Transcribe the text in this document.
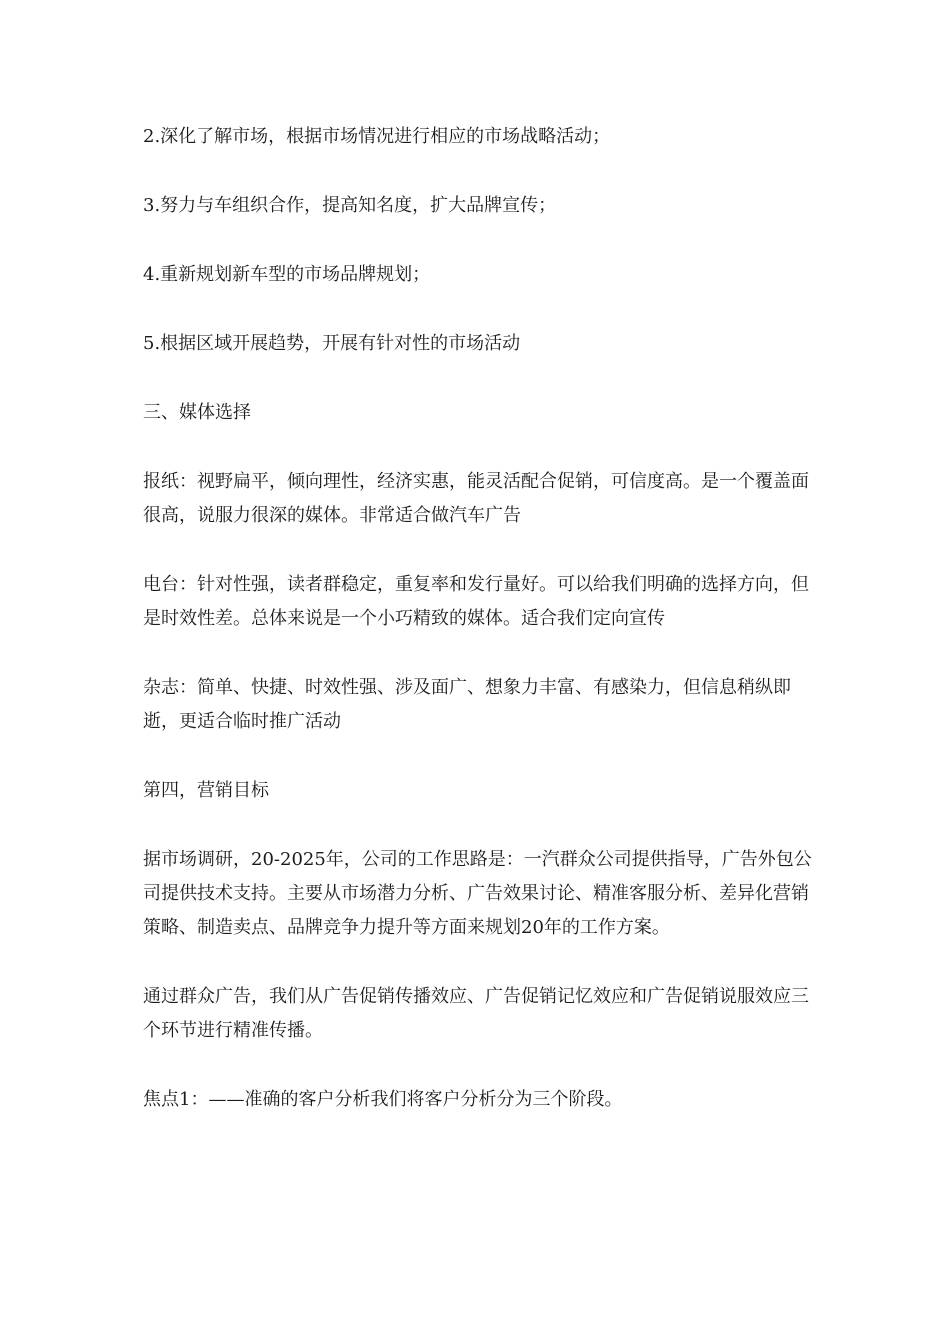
2.深化了解市场，根据市场情况进行相应的市场战略活动；

3.努力与车组织合作，提高知名度，扩大品牌宣传；

4.重新规划新车型的市场品牌规划；

5.根据区域开展趋势，开展有针对性的市场活动

三、媒体选择

报纸：视野扁平，倾向理性，经济实惠，能灵活配合促销，可信度高。是一个覆盖面很高，说服力很深的媒体。非常适合做汽车广告

电台：针对性强，读者群稳定，重复率和发行量好。可以给我们明确的选择方向，但是时效性差。总体来说是一个小巧精致的媒体。适合我们定向宣传

杂志：简单、快捷、时效性强、涉及面广、想象力丰富、有感染力，但信息稍纵即逝，更适合临时推广活动

第四，营销目标

据市场调研，20-2025年，公司的工作思路是：一汽群众公司提供指导，广告外包公司提供技术支持。主要从市场潜力分析、广告效果讨论、精准客服分析、差异化营销策略、制造卖点、品牌竞争力提升等方面来规划20年的工作方案。

通过群众广告，我们从广告促销传播效应、广告促销记忆效应和广告促销说服效应三个环节进行精准传播。

焦点1：——准确的客户分析我们将客户分析分为三个阶段。
